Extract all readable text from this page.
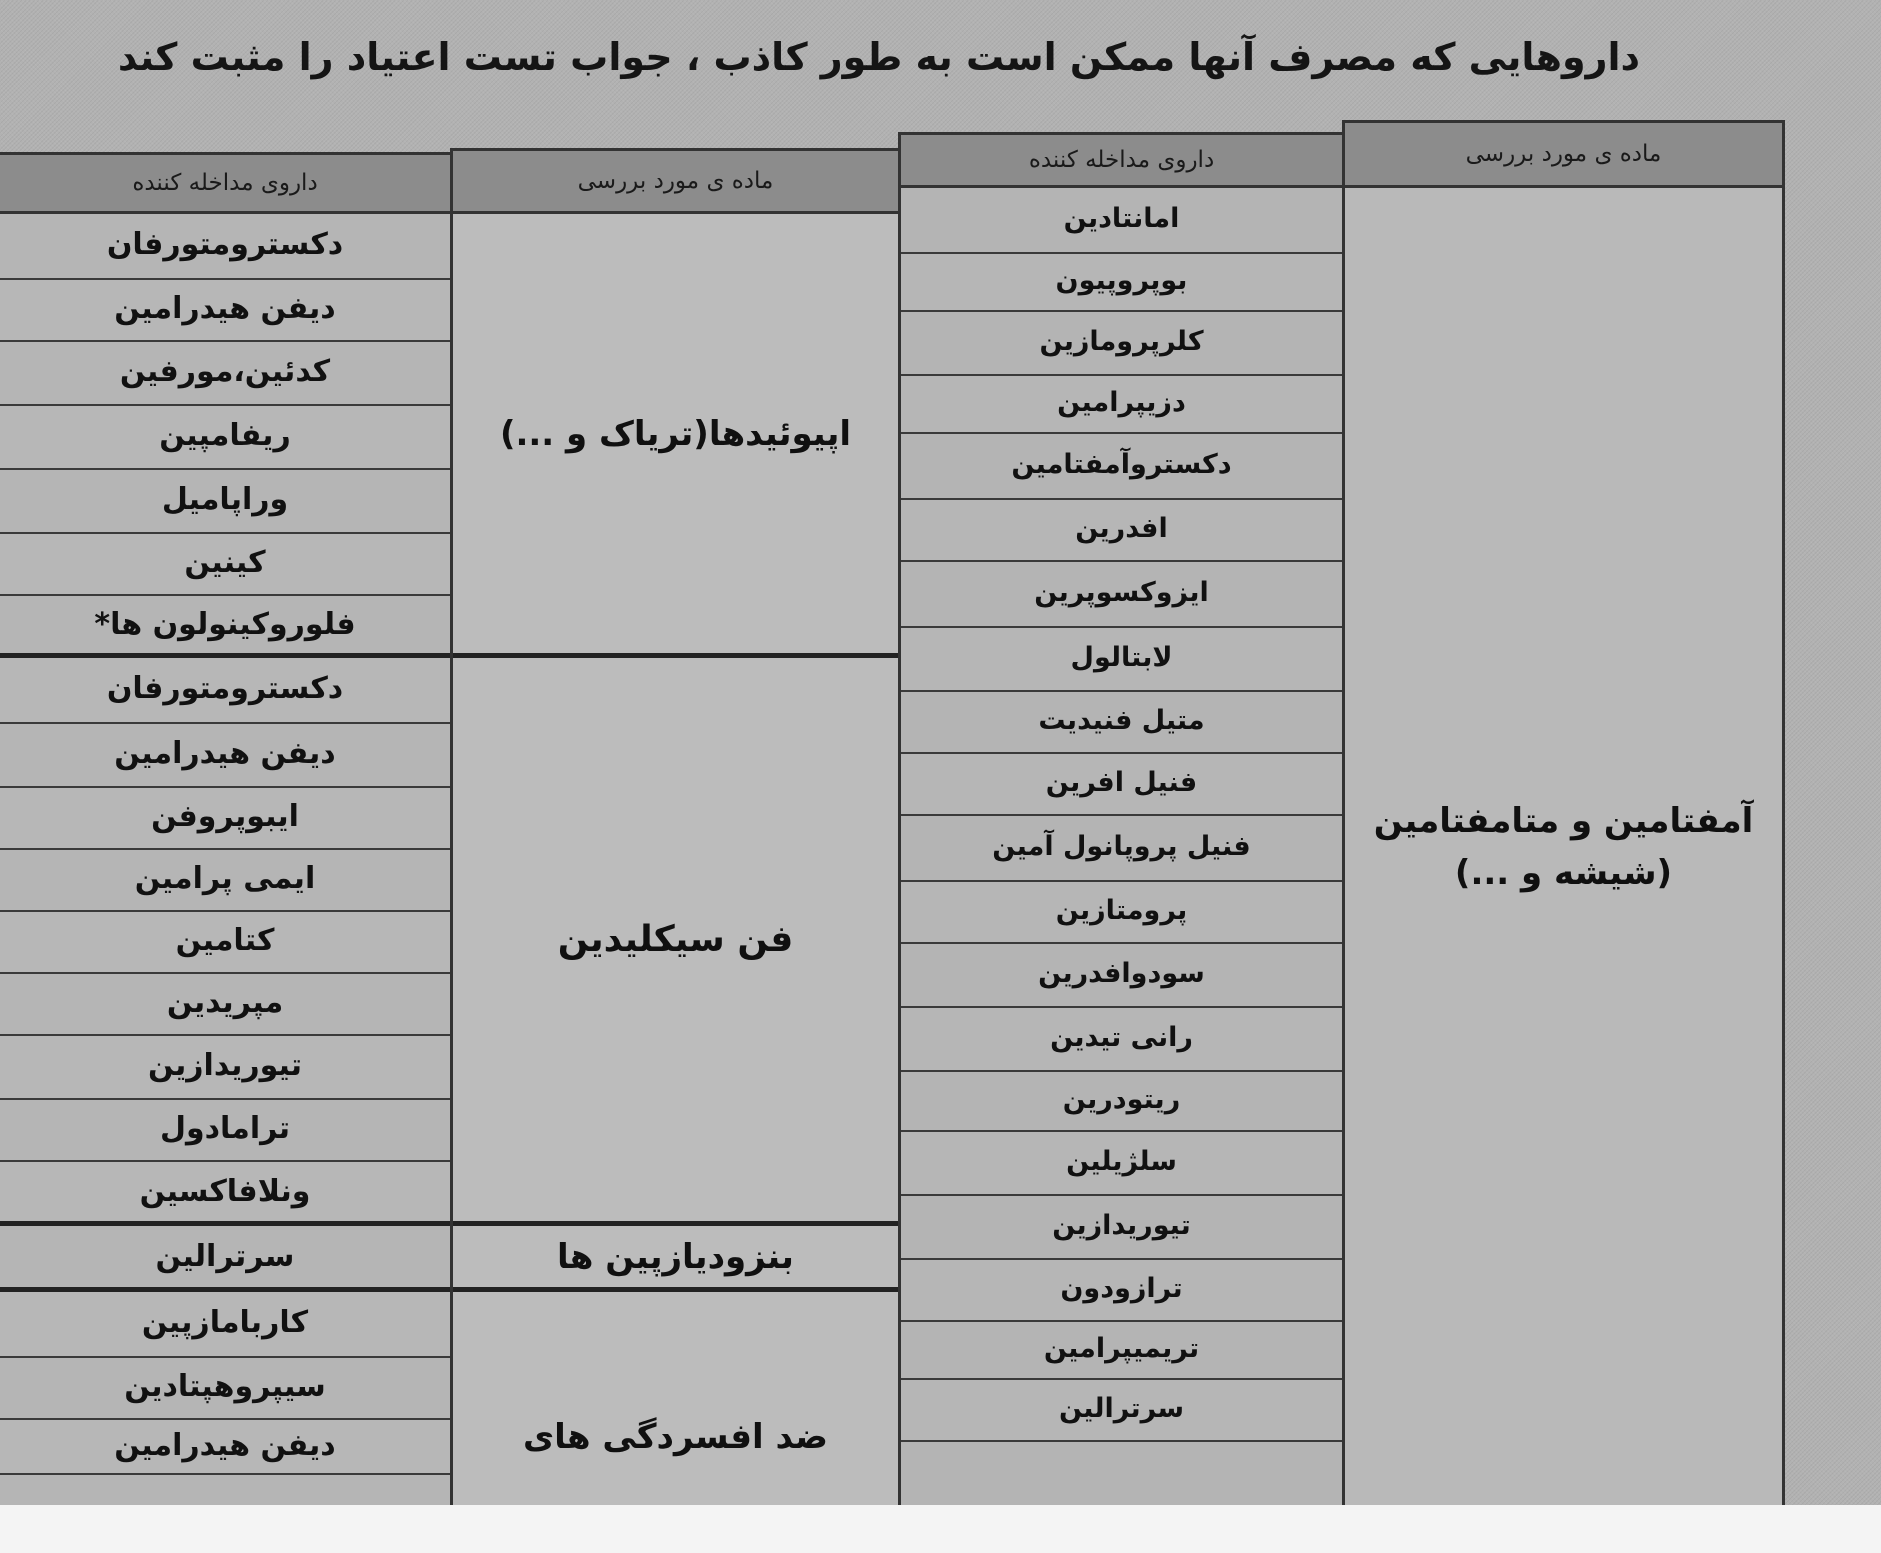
داروهایی که مصرف آنها ممکن است به طور کاذب ، جواب تست اعتیاد را مثبت کند
ماده ی مورد بررسی
آمفتامین و متامفتامین
(شیشه و ...)
داروی مداخله کننده
امانتادین
بوپروپیون
کلرپرومازین
دزیپرامین
دکستروآمفتامین
افدرین
ایزوکسوپرین
لابتالول
متیل فنیدیت
فنیل افرین
فنیل پروپانول آمین
پرومتازین
سودوافدرین
رانی تیدین
ریتودرین
سلژیلین
تیوریدازین
ترازودون
تریمیپرامین
سرترالین
ماده ی مورد بررسی
اپیوئیدها(تریاک و ...)
فن سیکلیدین
بنزودیازپین ها
ضد افسردگی های
داروی مداخله کننده
دکسترومتورفان
دیفن هیدرامین
کدئین،مورفین
ریفامپین
وراپامیل
کینین
فلوروکینولون ها*
دکسترومتورفان
دیفن هیدرامین
ایبوپروفن
ایمی پرامین
کتامین
مپریدین
تیوریدازین
ترامادول
ونلافاکسین
سرترالین
کاربامازپین
سیپروهپتادین
دیفن هیدرامین
